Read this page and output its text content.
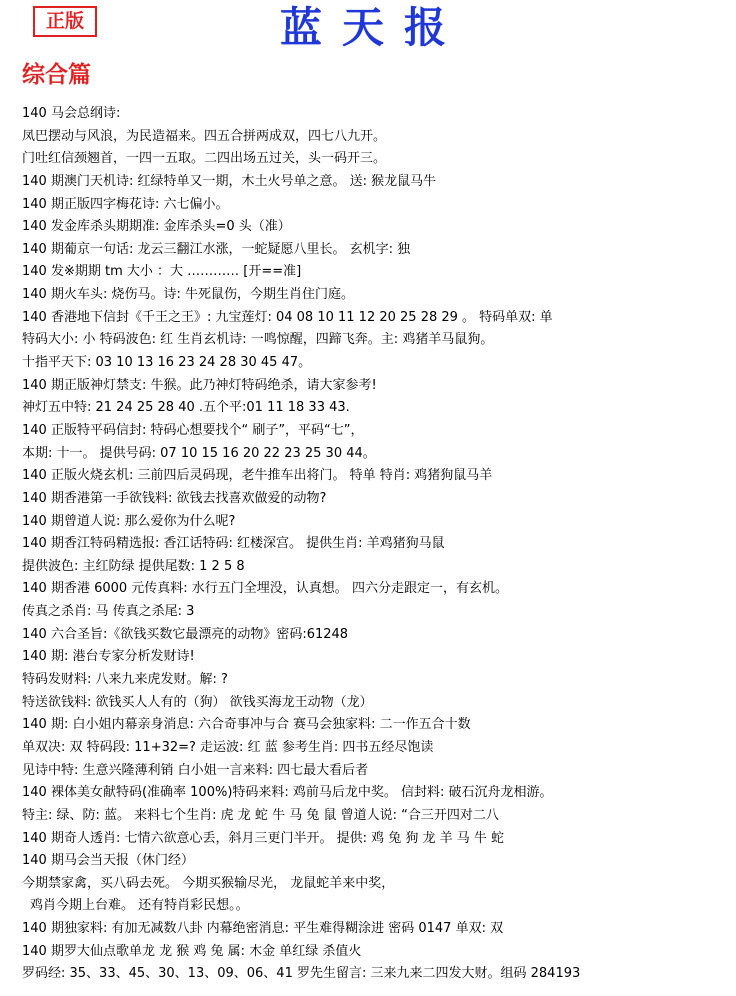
正版	蓝天报
综合篇
140 马会总纲诗:
凤巴摆动与风浪，为民造福来。四五合拼两成双，四七八九开。
门吐红信颈翘首，一四一五取。二四出场五过关，头一码开三。
140 期澳门天机诗: 红绿特单又一期，木土火号单之意。 送: 猴龙鼠马牛
140 期正版四字梅花诗: 六七偏小。
140 发金库杀头期期准: 金库杀头=0 头（准）
140 期葡京一句话: 龙云三翻江水涨，一蛇疑愿八里长。 玄机字: 独
140 发※期期 tm 大小 ：大 ………… [开==准]
140 期火车头: 烧伤马。诗: 牛死鼠伤，今期生肖住门庭。
140 香港地下信封《千王之王》: 九宝莲灯: 04 08 10 11 12 20 25 28 29 。 特码单双: 单
特码大小: 小 特码波色: 红 生肖玄机诗: 一鸣惊醒，四蹄飞奔。主: 鸡猪羊马鼠狗。
十指平天下: 03 10 13 16 23 24 28 30 45 47。
140 期正版神灯禁支: 牛猴。此乃神灯特码绝杀，请大家参考!
神灯五中特: 21 24 25 28 40 .五个平:01 11 18 33 43.
140 正版特平码信封: 特码心想要找个“ 刷子”，平码“七”，
本期: 十一。 提供号码: 07 10 15 16 20 22 23 25 30 44。
140 正版火烧玄机: 三前四后灵码现，老牛推车出将门。 特单 特肖: 鸡猪狗鼠马羊
140 期香港第一手欲钱料: 欲钱去找喜欢做爱的动物?
140 期曾道人说: 那么爱你为什么呢?
140 期香江特码精选报: 香江话特码: 红楼深宫。 提供生肖: 羊鸡猪狗马鼠
提供波色: 主红防绿 提供尾数: 1 2 5 8
140 期香港 6000 元传真料: 水行五门全埋没，认真想。 四六分走跟定一，有玄机。
传真之杀肖: 马 传真之杀尾: 3
140 六合圣旨:《欲钱买数它最漂亮的动物》密码:61248
140 期: 港台专家分析发财诗!
特码发财料: 八来九来虎发财。解: ?
特送欲钱料: 欲钱买人人有的（狗） 欲钱买海龙王动物（龙）
140 期: 白小姐内幕亲身消息: 六合奇事冲与合 赛马会独家料: 二一作五合十数
单双决: 双 特码段: 11+32=? 走运波: 红 蓝 参考生肖: 四书五经尽饱读
见诗中特: 生意兴隆薄利销 白小姐一言来料: 四七最大看后者
140 裸体美女献特码(准确率 100%)特码来料: 鸡前马后龙中奖。 信封料: 破石沉舟龙相游。
特主: 绿、防: 蓝。 来料七个生肖: 虎 龙 蛇 牛 马 兔 鼠 曾道人说: “合三开四对二八
140 期奇人透肖: 七情六欲意心丢，斜月三更门半开。 提供: 鸡 兔 狗 龙 羊 马 牛 蛇
140 期马会当天报（休门经）
今期禁家禽，买八码去死。 今期买猴输尽光， 龙鼠蛇羊来中奖，
鸡肖今期上台难。 还有特肖彩民想。。
140 期独家料: 有加无减数八卦 内幕绝密消息: 平生难得糊涂进 密码 0147 单双: 双
140 期罗大仙点歌单龙 龙 猴 鸡 兔 属: 木金 单红绿 杀值火
罗码经: 35、33、45、30、13、09、06、41 罗先生留言: 三来九来二四发大财。组码 284193
